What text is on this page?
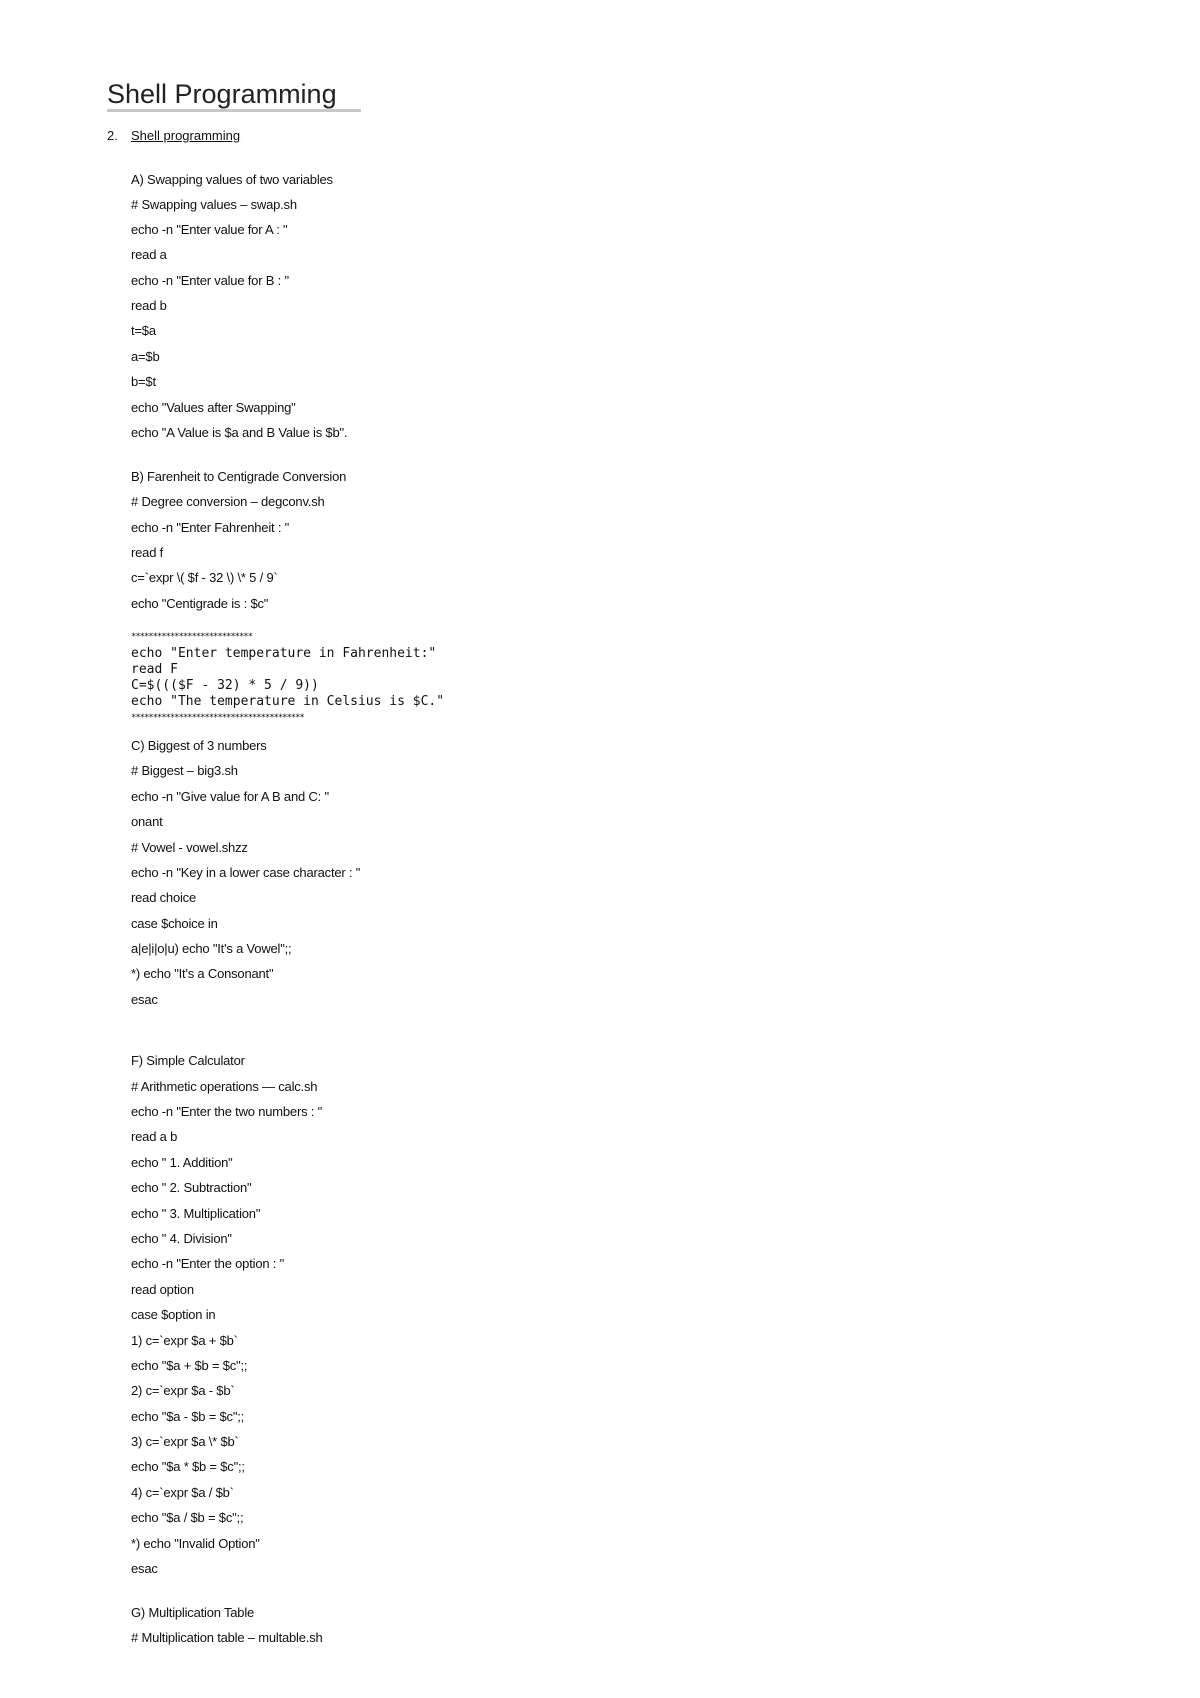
Shell Programming
2. Shell programming
A) Swapping values of two variables
# Swapping values – swap.sh
echo -n "Enter value for A : "
read a
echo -n "Enter value for B : "
read b
t=$a
a=$b
b=$t
echo "Values after Swapping"
echo "A Value is $a and B Value is $b".
B) Farenheit to Centigrade Conversion
# Degree conversion – degconv.sh
echo -n "Enter Fahrenheit : "
read f
c=`expr \( $f - 32 \) \* 5 / 9`
echo "Centigrade is : $c"
****************************
echo "Enter temperature in Fahrenheit:"
read F
C=$((($F - 32) * 5 / 9))
echo "The temperature in Celsius is $C."
****************************************
C) Biggest of 3 numbers
# Biggest – big3.sh
echo -n "Give value for A B and C: "
onant
# Vowel - vowel.shzz
echo -n "Key in a lower case character : "
read choice
case $choice in
a|e|i|o|u) echo "It's a Vowel";;
*) echo "It's a Consonant"
esac
F) Simple Calculator
# Arithmetic operations — calc.sh
echo -n "Enter the two numbers : "
read a b
echo " 1. Addition"
echo " 2. Subtraction"
echo " 3. Multiplication"
echo " 4. Division"
echo -n "Enter the option : "
read option
case $option in
1) c=`expr $a + $b`
echo "$a + $b = $c";;
2) c=`expr $a - $b`
echo "$a - $b = $c";;
3) c=`expr $a \* $b`
echo "$a * $b = $c";;
4) c=`expr $a / $b`
echo "$a / $b = $c";;
*) echo "Invalid Option"
esac
G) Multiplication Table
# Multiplication table – multable.sh
